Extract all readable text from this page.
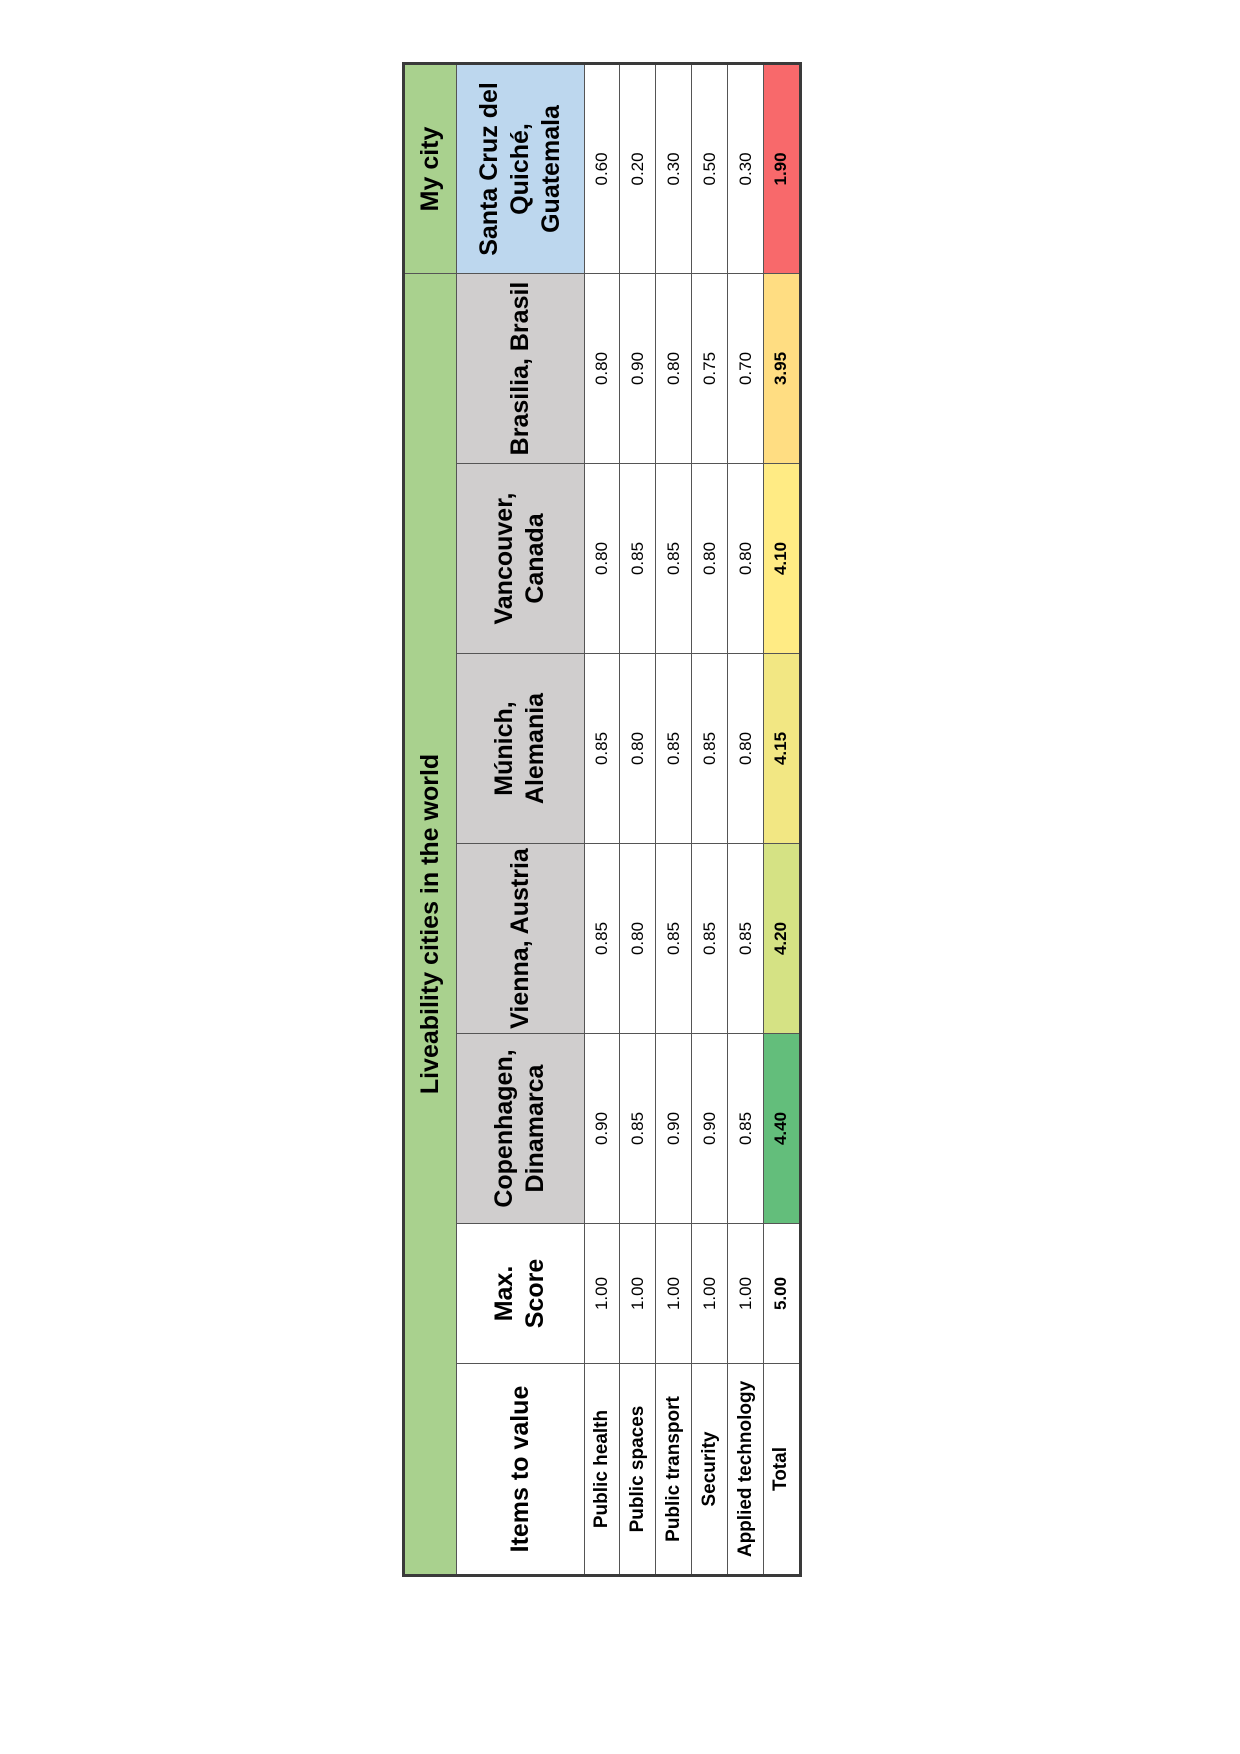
Liveability cities in the world							My city
Items to value	Max. Score	Copenhagen, Dinamarca	Vienna, Austria	Múnich, Alemania	Vancouver, Canada	Brasilia, Brasil	Santa Cruz del Quiché, Guatemala
Public health	1.00	0.90	0.85	0.85	0.80	0.80	0.60
Public spaces	1.00	0.85	0.80	0.80	0.85	0.90	0.20
Public transport	1.00	0.90	0.85	0.85	0.85	0.80	0.30
Security	1.00	0.90	0.85	0.85	0.80	0.75	0.50
Applied technology	1.00	0.85	0.85	0.80	0.80	0.70	0.30
Total	5.00	4.40	4.20	4.15	4.10	3.95	1.90
